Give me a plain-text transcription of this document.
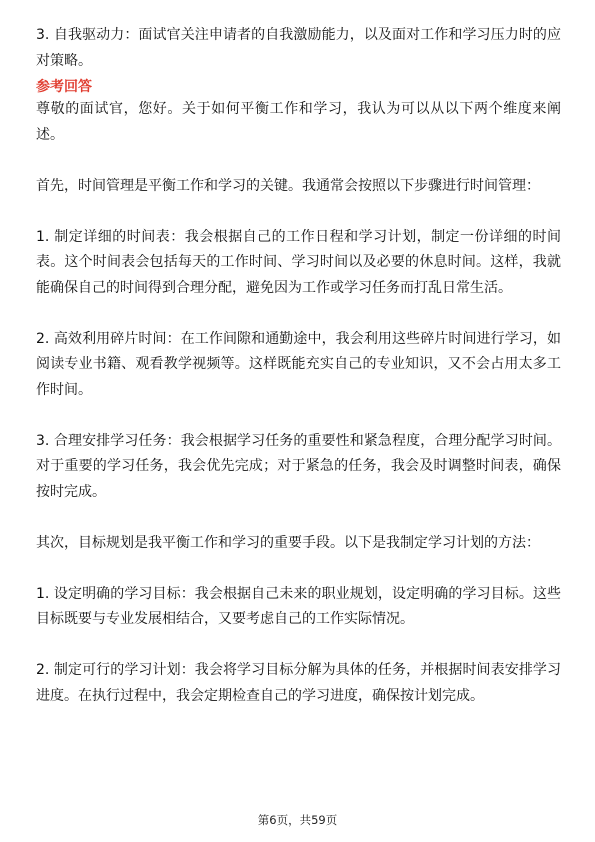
3. 自我驱动力：面试官关注申请者的自我激励能力，以及面对工作和学习压力时的应对策略。

参考回答

尊敬的面试官，您好。关于如何平衡工作和学习，我认为可以从以下两个维度来阐述。

首先，时间管理是平衡工作和学习的关键。我通常会按照以下步骤进行时间管理：

1. 制定详细的时间表：我会根据自己的工作日程和学习计划，制定一份详细的时间表。这个时间表会包括每天的工作时间、学习时间以及必要的休息时间。这样，我就能确保自己的时间得到合理分配，避免因为工作或学习任务而打乱日常生活。

2. 高效利用碎片时间：在工作间隙和通勤途中，我会利用这些碎片时间进行学习，如阅读专业书籍、观看教学视频等。这样既能充实自己的专业知识，又不会占用太多工作时间。

3. 合理安排学习任务：我会根据学习任务的重要性和紧急程度，合理分配学习时间。对于重要的学习任务，我会优先完成；对于紧急的任务，我会及时调整时间表，确保按时完成。

其次，目标规划是我平衡工作和学习的重要手段。以下是我制定学习计划的方法：

1. 设定明确的学习目标：我会根据自己未来的职业规划，设定明确的学习目标。这些目标既要与专业发展相结合，又要考虑自己的工作实际情况。

2. 制定可行的学习计划：我会将学习目标分解为具体的任务，并根据时间表安排学习进度。在执行过程中，我会定期检查自己的学习进度，确保按计划完成。

第6页，共59页
